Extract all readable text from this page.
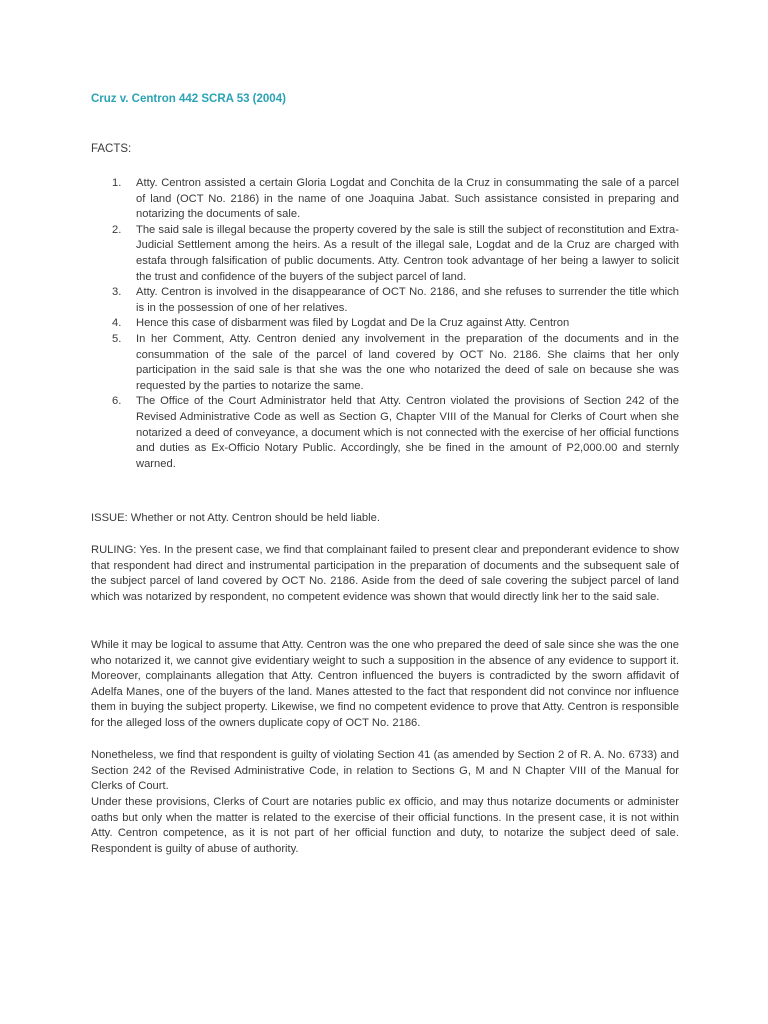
Cruz v. Centron 442 SCRA 53 (2004)

FACTS:

1. Atty. Centron assisted a certain Gloria Logdat and Conchita de la Cruz in consummating the sale of a parcel of land (OCT No. 2186) in the name of one Joaquina Jabat. Such assistance consisted in preparing and notarizing the documents of sale.
2. The said sale is illegal because the property covered by the sale is still the subject of reconstitution and Extra-Judicial Settlement among the heirs. As a result of the illegal sale, Logdat and de la Cruz are charged with estafa through falsification of public documents. Atty. Centron took advantage of her being a lawyer to solicit the trust and confidence of the buyers of the subject parcel of land.
3. Atty. Centron is involved in the disappearance of OCT No. 2186, and she refuses to surrender the title which is in the possession of one of her relatives.
4. Hence this case of disbarment was filed by Logdat and De la Cruz against Atty. Centron
5. In her Comment, Atty. Centron denied any involvement in the preparation of the documents and in the consummation of the sale of the parcel of land covered by OCT No. 2186. She claims that her only participation in the said sale is that she was the one who notarized the deed of sale on because she was requested by the parties to notarize the same.
6. The Office of the Court Administrator held that Atty. Centron violated the provisions of Section 242 of the Revised Administrative Code as well as Section G, Chapter VIII of the Manual for Clerks of Court when she notarized a deed of conveyance, a document which is not connected with the exercise of her official functions and duties as Ex-Officio Notary Public. Accordingly, she be fined in the amount of P2,000.00 and sternly warned.

ISSUE: Whether or not Atty. Centron should be held liable.

RULING: Yes. In the present case, we find that complainant failed to present clear and preponderant evidence to show that respondent had direct and instrumental participation in the preparation of documents and the subsequent sale of the subject parcel of land covered by OCT No. 2186. Aside from the deed of sale covering the subject parcel of land which was notarized by respondent, no competent evidence was shown that would directly link her to the said sale.

While it may be logical to assume that Atty. Centron was the one who prepared the deed of sale since she was the one who notarized it, we cannot give evidentiary weight to such a supposition in the absence of any evidence to support it. Moreover, complainants allegation that Atty. Centron influenced the buyers is contradicted by the sworn affidavit of Adelfa Manes, one of the buyers of the land. Manes attested to the fact that respondent did not convince nor influence them in buying the subject property. Likewise, we find no competent evidence to prove that Atty. Centron is responsible for the alleged loss of the owners duplicate copy of OCT No. 2186.

Nonetheless, we find that respondent is guilty of violating Section 41 (as amended by Section 2 of R. A. No. 6733) and Section 242 of the Revised Administrative Code, in relation to Sections G, M and N Chapter VIII of the Manual for Clerks of Court.

Under these provisions, Clerks of Court are notaries public ex officio, and may thus notarize documents or administer oaths but only when the matter is related to the exercise of their official functions. In the present case, it is not within Atty. Centron competence, as it is not part of her official function and duty, to notarize the subject deed of sale. Respondent is guilty of abuse of authority.
